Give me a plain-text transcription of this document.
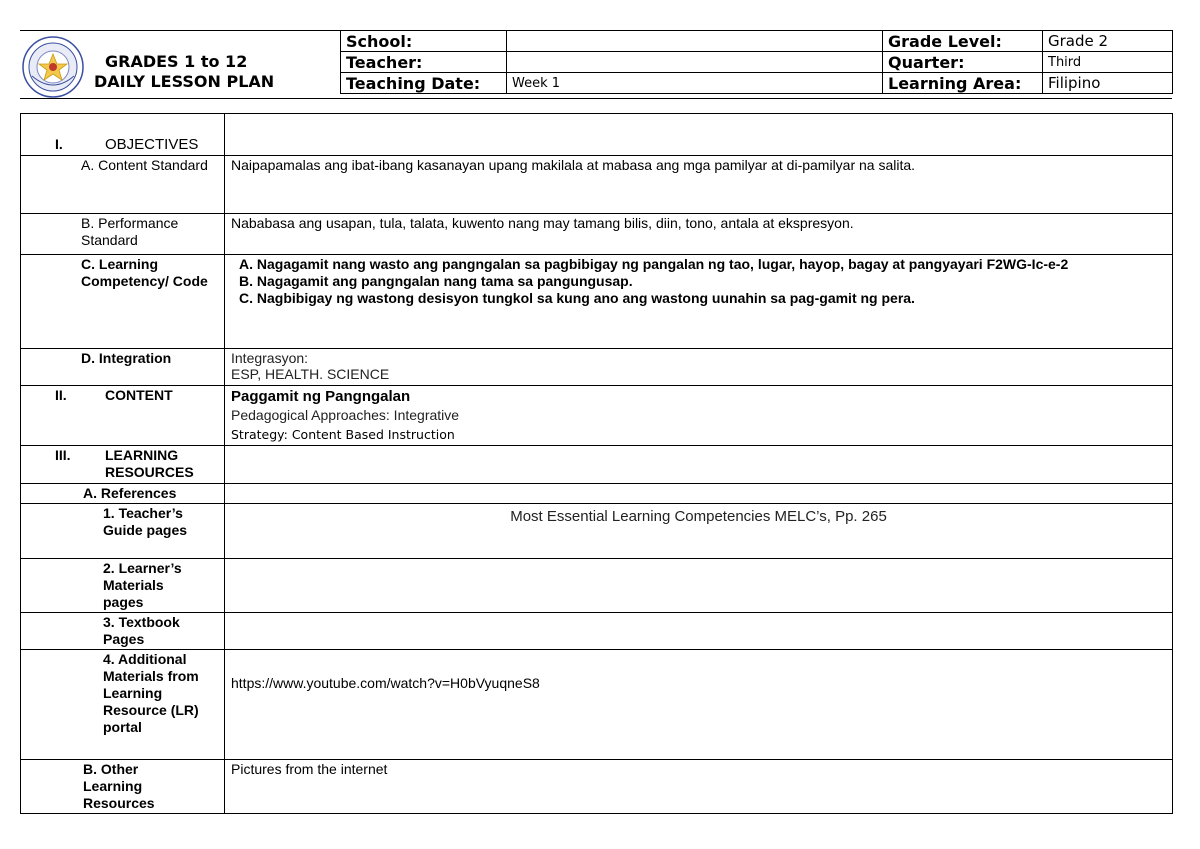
GRADES 1 to 12
DAILY LESSON PLAN
School:		Grade Level:	Grade 2
Teacher:		Quarter:	Third
Teaching Date:	Week 1	Learning Area:	Filipino
I. OBJECTIVES	
A. Content Standard	Naipapamalas ang ibat-ibang kasanayan upang makilala at mabasa ang mga pamilyar at di-pamilyar na salita.
B. Performance Standard	Nababasa ang usapan, tula, talata, kuwento nang may tamang bilis, diin, tono, antala at ekspresyon.
C. Learning Competency/ Code	A. Nagagamit nang wasto ang pangngalan sa pagbibigay ng pangalan ng tao, lugar, hayop, bagay at pangyayari F2WG-Ic-e-2
B. Nagagamit ang pangngalan nang tama sa pangungusap.
C. Nagbibigay ng wastong desisyon tungkol sa kung ano ang wastong uunahin sa pag-gamit ng pera.

D. Integration	Integrasyon:
ESP, HEALTH. SCIENCE

II. CONTENT	Paggamit ng Pangngalan
Pedagogical Approaches: Integrative
Strategy: Content Based Instruction

III. LEARNING RESOURCES	

A. References	
1. Teacher’s Guide pages	Most Essential Learning Competencies MELC’s, Pp. 265
2. Learner’s Materials pages	
3. Textbook Pages	
4. Additional Materials from Learning Resource (LR) portal	https://www.youtube.com/watch?v=H0bVyuqneS8
B. Other Learning Resources	Pictures from the internet
